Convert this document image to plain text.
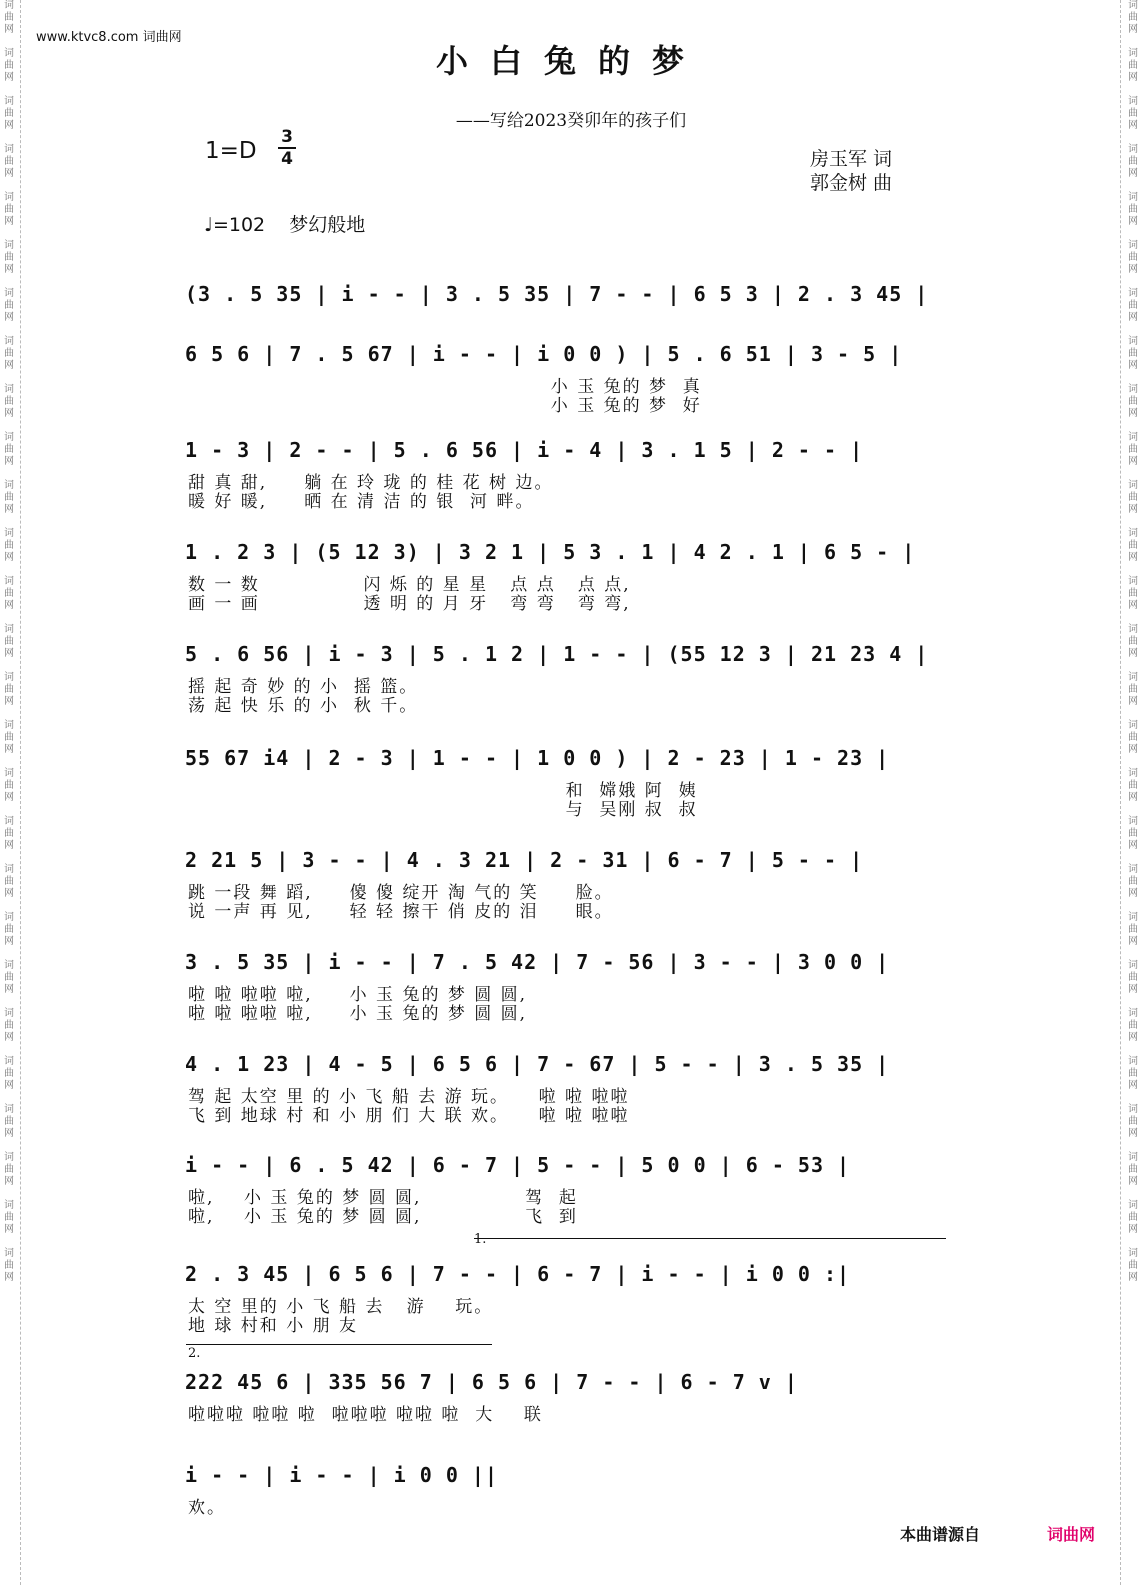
词
曲
网

词
曲
网

词
曲
网

词
曲
网

词
曲
网

词
曲
网

词
曲
网

词
曲
网

词
曲
网

词
曲
网

词
曲
网

词
曲
网

词
曲
网

词
曲
网

词
曲
网

词
曲
网

词
曲
网

词
曲
网

词
曲
网

词
曲
网

词
曲
网

词
曲
网

词
曲
网

词
曲
网

词
曲
网

词
曲
网

词
曲
网

词
曲
网

词
曲
网

词
曲
网

词
曲
网

词
曲
网

词
曲
网

词
曲
网

词
曲
网

词
曲
网

词
曲
网

词
曲
网

词
曲
网

词
曲
网

词
曲
网

词
曲
网

词
曲
网

词
曲
网

词
曲
网

词
曲
网

词
曲
网

词
曲
网

词
曲
网

词
曲
网

词
曲
网

词
曲
网

词
曲
网

词
曲
网

www.ktvc8.com 词曲网
小白兔的梦
——写给2023癸卯年的孩子们
1=D
3
4	房玉军 词
郭金树 曲
♩=102 梦幻般地
(3 . 5 35 | i - - | 3 . 5 35 | 7 - - | 6 5 3 | 2 . 3 45 |
6 5 6 | 7 . 5 67 | i - - | i 0 0 ) | 5 . 6 51 | 3 - 5 |
小 玉 兔的 梦  真
小 玉 兔的 梦  好
1 - 3 | 2 - - | 5 . 6 56 | i - 4 | 3 . 1 5 | 2 - - |
甜 真 甜,     躺 在 玲 珑 的 桂 花 树 边。
暖 好 暖,     晒 在 清 洁 的 银  河 畔。
1 . 2 3 | (5 12 3) | 3 2 1 | 5 3 . 1 | 4 2 . 1 | 6 5 - |
数 一 数              闪 烁 的 星 星   点 点   点 点,
画 一 画              透 明 的 月 牙   弯 弯   弯 弯,
5 . 6 56 | i - 3 | 5 . 1 2 | 1 - - | (55 12 3 | 21 23 4 |
摇 起 奇 妙 的 小  摇 篮。
荡 起 快 乐 的 小  秋 千。
55 67 i4 | 2 - 3 | 1 - - | 1 0 0 ) | 2 - 23 | 1 - 23 |
和  嫦娥 阿  姨
与  吴刚 叔  叔
2 21 5 | 3 - - | 4 . 3 21 | 2 - 31 | 6 - 7 | 5 - - |
跳 一段 舞 蹈,     傻 傻 绽开 淘 气的 笑     脸。
说 一声 再 见,     轻 轻 擦干 俏 皮的 泪     眼。
3 . 5 35 | i - - | 7 . 5 42 | 7 - 56 | 3 - - | 3 0 0 |
啦 啦 啦啦 啦,     小 玉 兔的 梦 圆 圆,
啦 啦 啦啦 啦,     小 玉 兔的 梦 圆 圆,
4 . 1 23 | 4 - 5 | 6 5 6 | 7 - 67 | 5 - - | 3 . 5 35 |
驾 起 太空 里 的 小 飞 船 去 游 玩。    啦 啦 啦啦
飞 到 地球 村 和 小 朋 们 大 联 欢。    啦 啦 啦啦
i - - | 6 . 5 42 | 6 - 7 | 5 - - | 5 0 0 | 6 - 53 |
啦,    小 玉 兔的 梦 圆 圆,              驾  起
啦,    小 玉 兔的 梦 圆 圆,              飞  到
2 . 3 45 | 6 5 6 | 7 - - | 6 - 7 | i - - | i 0 0 :|
太 空 里的 小 飞 船 去   游    玩。
地 球 村和 小 朋 友
222 45 6 | 335 56 7 | 6 5 6 | 7 - - | 6 - 7 v |
啦啦啦 啦啦 啦  啦啦啦 啦啦 啦  大    联
i - - | i - - | i 0 0 ||
欢。
1.
2.
本曲谱源自	词曲网
